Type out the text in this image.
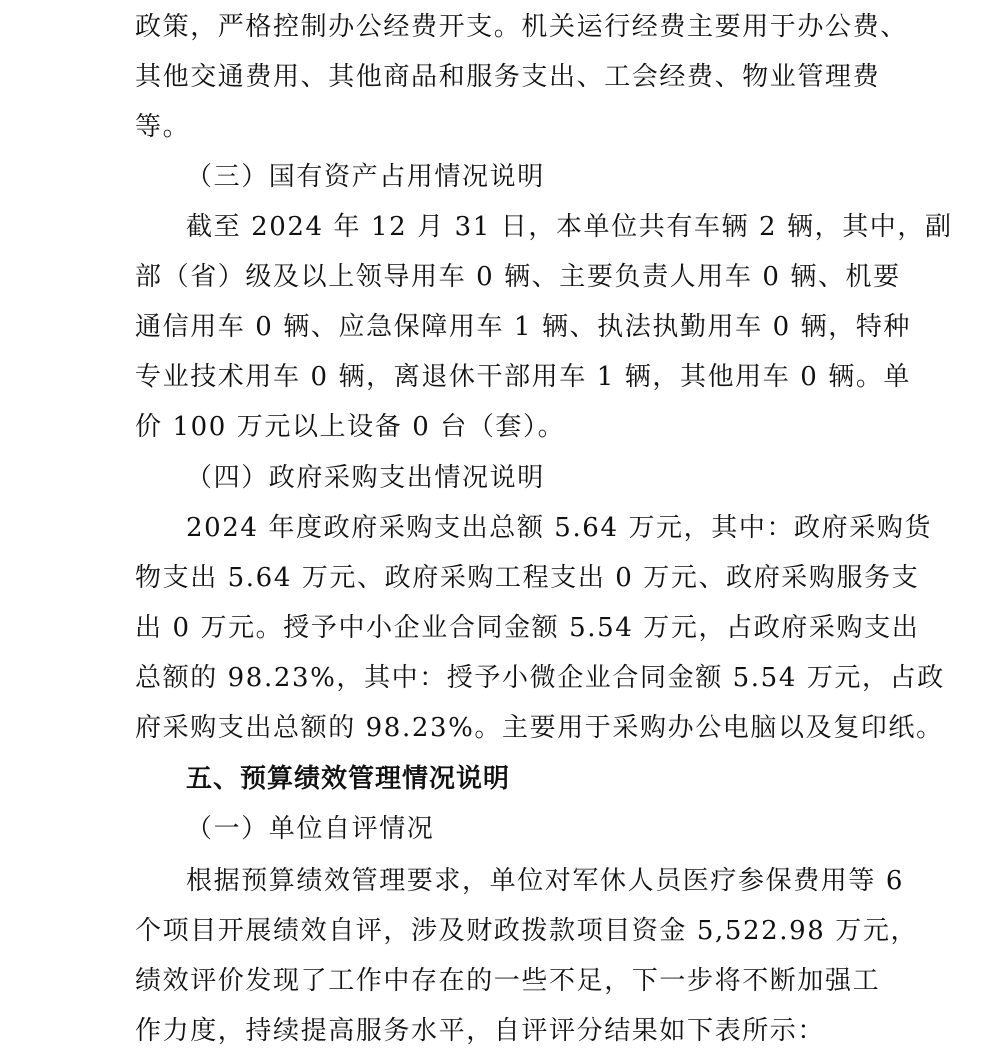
政策，严格控制办公经费开支。机关运行经费主要用于办公费、
其他交通费用、其他商品和服务支出、工会经费、物业管理费
等。
（三）国有资产占用情况说明
截至 2024 年 12 月 31 日，本单位共有车辆 2 辆，其中，副
部（省）级及以上领导用车 0 辆、主要负责人用车 0 辆、机要
通信用车 0 辆、应急保障用车 1 辆、执法执勤用车 0 辆，特种
专业技术用车 0 辆，离退休干部用车 1 辆，其他用车 0 辆。单
价 100 万元以上设备 0 台（套）。
（四）政府采购支出情况说明
2024 年度政府采购支出总额 5.64 万元，其中：政府采购货
物支出 5.64 万元、政府采购工程支出 0 万元、政府采购服务支
出 0 万元。授予中小企业合同金额 5.54 万元，占政府采购支出
总额的 98.23%，其中：授予小微企业合同金额 5.54 万元，占政
府采购支出总额的 98.23%。主要用于采购办公电脑以及复印纸。
五、预算绩效管理情况说明
（一）单位自评情况
根据预算绩效管理要求，单位对军休人员医疗参保费用等 6
个项目开展绩效自评，涉及财政拨款项目资金 5,522.98 万元，
绩效评价发现了工作中存在的一些不足，下一步将不断加强工
作力度，持续提高服务水平，自评评分结果如下表所示：
